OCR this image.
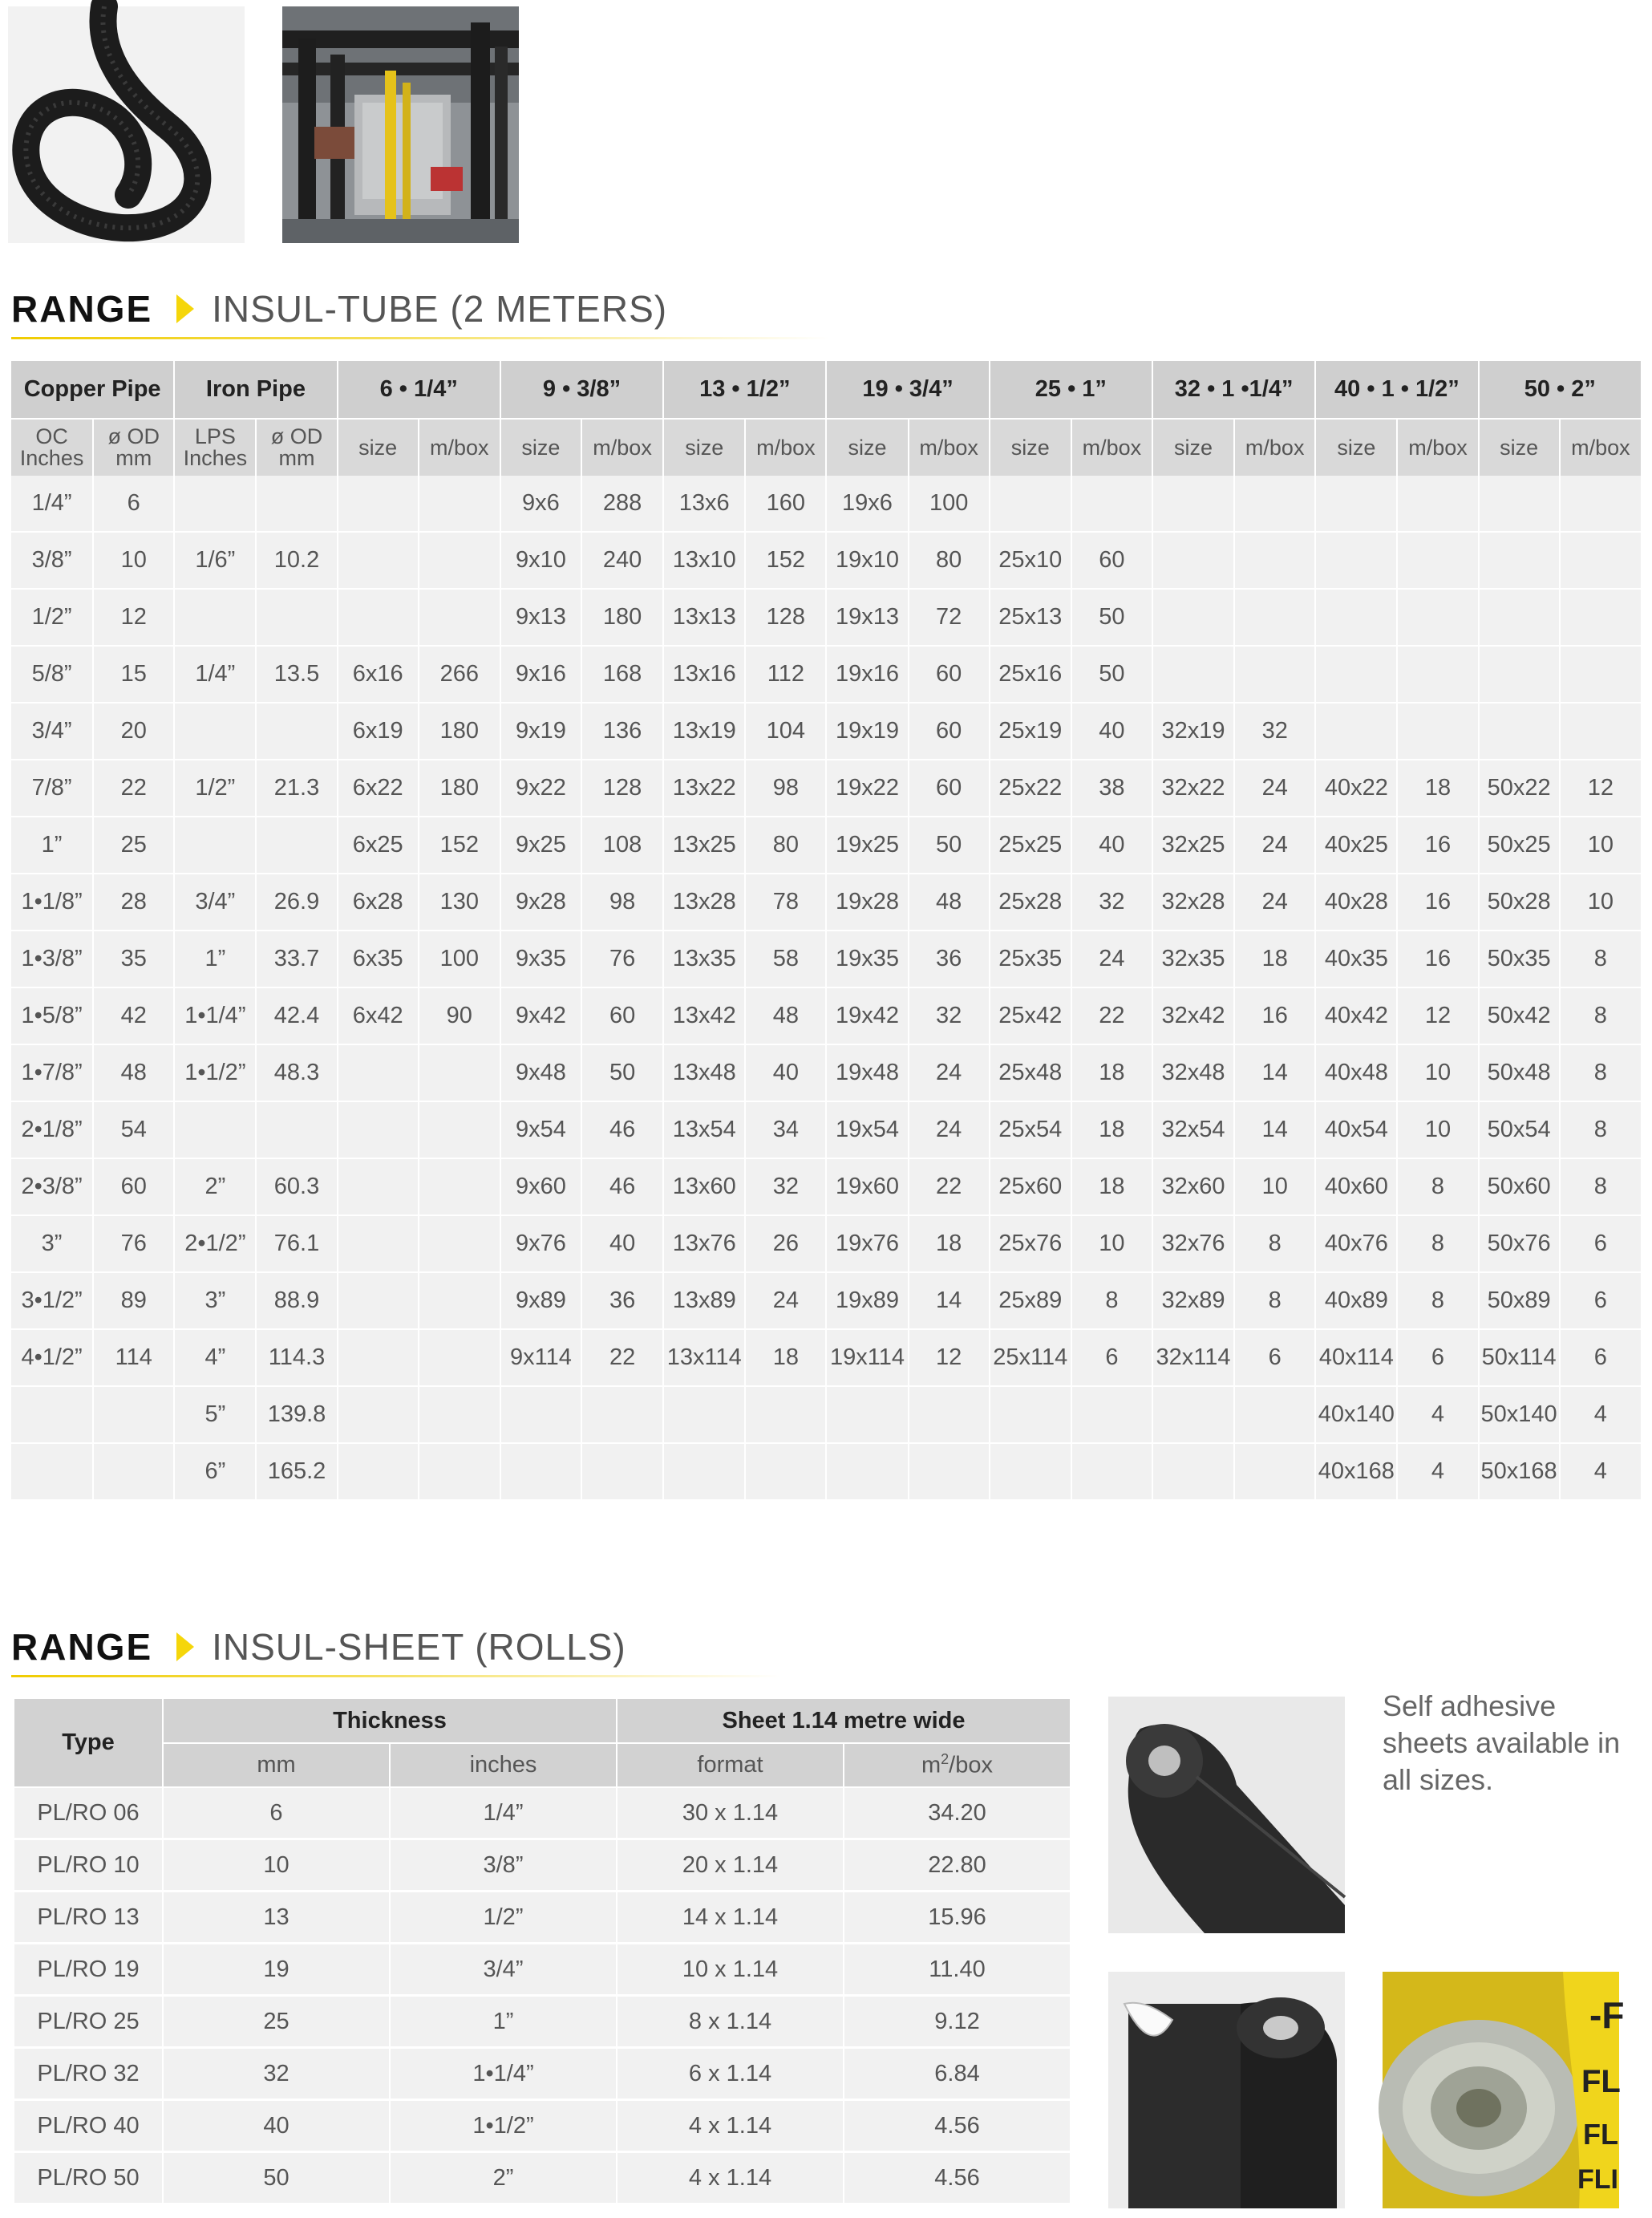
RANGE INSUL-TUBE (2 METERS)
Copper Pipe		Iron Pipe		6 • 1/4”		9 • 3/8”		13 • 1/2”		19 • 3/4”		25 • 1”		32 • 1 •1/4”		40 • 1 • 1/2”		50 • 2”	
OC Inches	ø OD mm	LPS Inches	ø OD mm	size	m/box	size	m/box	size	m/box	size	m/box	size	m/box	size	m/box	size	m/box	size	m/box
1/4”	6					9x6	288	13x6	160	19x6	100								
3/8”	10	1/6”	10.2			9x10	240	13x10	152	19x10	80	25x10	60						
1/2”	12					9x13	180	13x13	128	19x13	72	25x13	50						
5/8”	15	1/4”	13.5	6x16	266	9x16	168	13x16	112	19x16	60	25x16	50						
3/4”	20			6x19	180	9x19	136	13x19	104	19x19	60	25x19	40	32x19	32				
7/8”	22	1/2”	21.3	6x22	180	9x22	128	13x22	98	19x22	60	25x22	38	32x22	24	40x22	18	50x22	12
1”	25			6x25	152	9x25	108	13x25	80	19x25	50	25x25	40	32x25	24	40x25	16	50x25	10
1•1/8”	28	3/4”	26.9	6x28	130	9x28	98	13x28	78	19x28	48	25x28	32	32x28	24	40x28	16	50x28	10
1•3/8”	35	1”	33.7	6x35	100	9x35	76	13x35	58	19x35	36	25x35	24	32x35	18	40x35	16	50x35	8
1•5/8”	42	1•1/4”	42.4	6x42	90	9x42	60	13x42	48	19x42	32	25x42	22	32x42	16	40x42	12	50x42	8
1•7/8”	48	1•1/2”	48.3			9x48	50	13x48	40	19x48	24	25x48	18	32x48	14	40x48	10	50x48	8
2•1/8”	54					9x54	46	13x54	34	19x54	24	25x54	18	32x54	14	40x54	10	50x54	8
2•3/8”	60	2”	60.3			9x60	46	13x60	32	19x60	22	25x60	18	32x60	10	40x60	8	50x60	8
3”	76	2•1/2”	76.1			9x76	40	13x76	26	19x76	18	25x76	10	32x76	8	40x76	8	50x76	6
3•1/2”	89	3”	88.9			9x89	36	13x89	24	19x89	14	25x89	8	32x89	8	40x89	8	50x89	6
4•1/2”	114	4”	114.3			9x114	22	13x114	18	19x114	12	25x114	6	32x114	6	40x114	6	50x114	6
		5”	139.8													40x140	4	50x140	4
		6”	165.2													40x168	4	50x168	4
RANGE INSUL-SHEET (ROLLS)
Type	Thickness		Sheet 1.14 metre wide	
	mm	inches	format	$m^2$/box
PL/RO 06	6	1/4”	30 x 1.14	34.20
PL/RO 10	10	3/8”	20 x 1.14	22.80
PL/RO 13	13	1/2”	14 x 1.14	15.96
PL/RO 19	19	3/4”	10 x 1.14	11.40
PL/RO 25	25	1”	8 x 1.14	9.12
PL/RO 32	32	1•1/4”	6 x 1.14	6.84
PL/RO 40	40	1•1/2”	4 x 1.14	4.56
PL/RO 50	50	2”	4 x 1.14	4.56
Self adhesive sheets available in all sizes.
-F
FL
FL
FLI
